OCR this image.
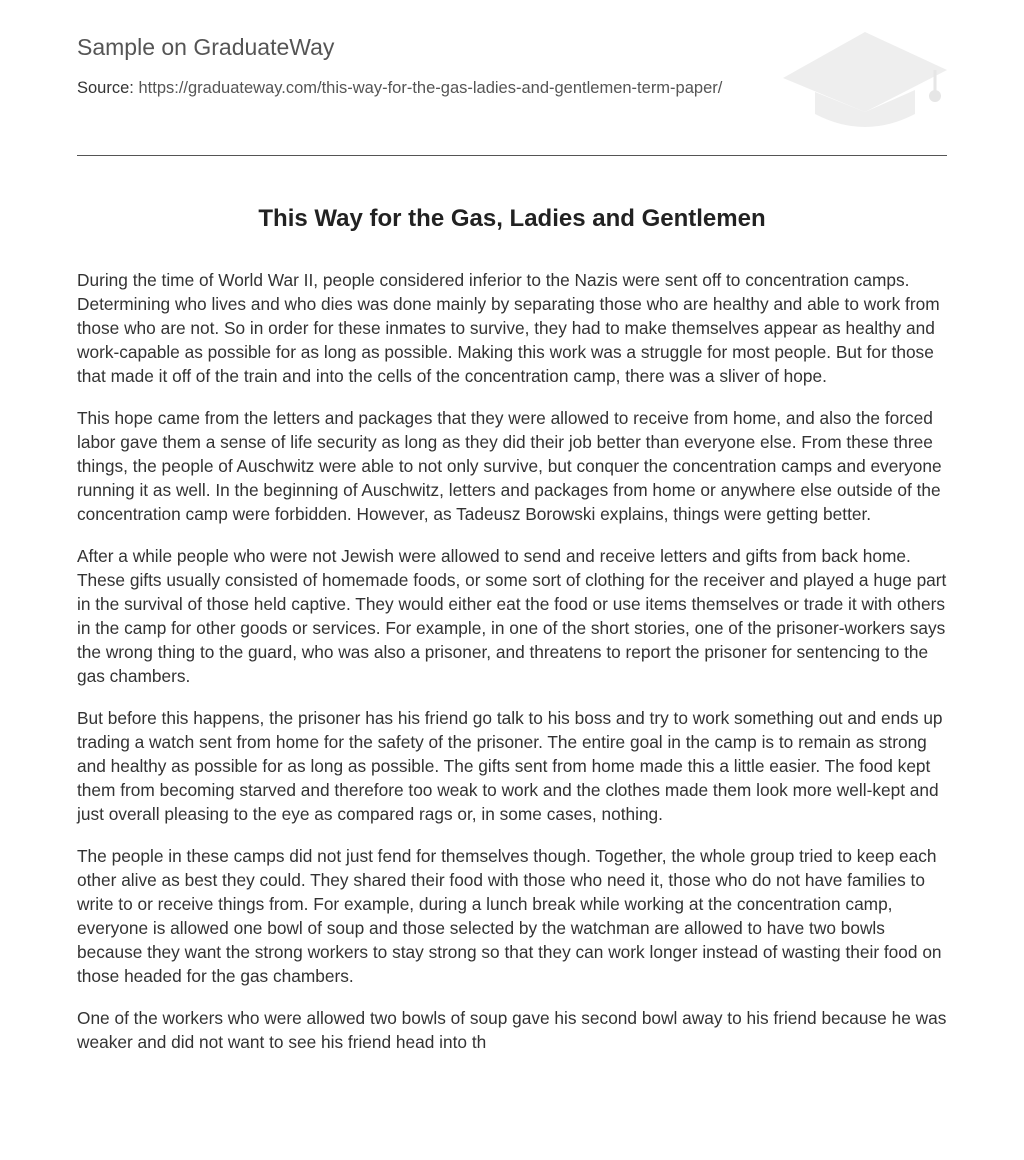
Sample on GraduateWay
Source: https://graduateway.com/this-way-for-the-gas-ladies-and-gentlemen-term-paper/
This Way for the Gas, Ladies and Gentlemen

During the time of World War II, people considered inferior to the Nazis were sent off to concentration camps. Determining who lives and who dies was done mainly by separating those who are healthy and able to work from those who are not. So in order for these inmates to survive, they had to make themselves appear as healthy and work-capable as possible for as long as possible. Making this work was a struggle for most people. But for those that made it off of the train and into the cells of the concentration camp, there was a sliver of hope.

This hope came from the letters and packages that they were allowed to receive from home, and also the forced labor gave them a sense of life security as long as they did their job better than everyone else. From these three things, the people of Auschwitz were able to not only survive, but conquer the concentration camps and everyone running it as well. In the beginning of Auschwitz, letters and packages from home or anywhere else outside of the concentration camp were forbidden. However, as Tadeusz Borowski explains, things were getting better.

After a while people who were not Jewish were allowed to send and receive letters and gifts from back home. These gifts usually consisted of homemade foods, or some sort of clothing for the receiver and played a huge part in the survival of those held captive. They would either eat the food or use items themselves or trade it with others in the camp for other goods or services. For example, in one of the short stories, one of the prisoner-workers says the wrong thing to the guard, who was also a prisoner, and threatens to report the prisoner for sentencing to the gas chambers.

But before this happens, the prisoner has his friend go talk to his boss and try to work something out and ends up trading a watch sent from home for the safety of the prisoner. The entire goal in the camp is to remain as strong and healthy as possible for as long as possible. The gifts sent from home made this a little easier. The food kept them from becoming starved and therefore too weak to work and the clothes made them look more well-kept and just overall pleasing to the eye as compared rags or, in some cases, nothing.

The people in these camps did not just fend for themselves though. Together, the whole group tried to keep each other alive as best they could. They shared their food with those who need it, those who do not have families to write to or receive things from. For example, during a lunch break while working at the concentration camp, everyone is allowed one bowl of soup and those selected by the watchman are allowed to have two bowls because they want the strong workers to stay strong so that they can work longer instead of wasting their food on those headed for the gas chambers.

One of the workers who were allowed two bowls of soup gave his second bowl away to his friend because he was weaker and did not want to see his friend head into th
